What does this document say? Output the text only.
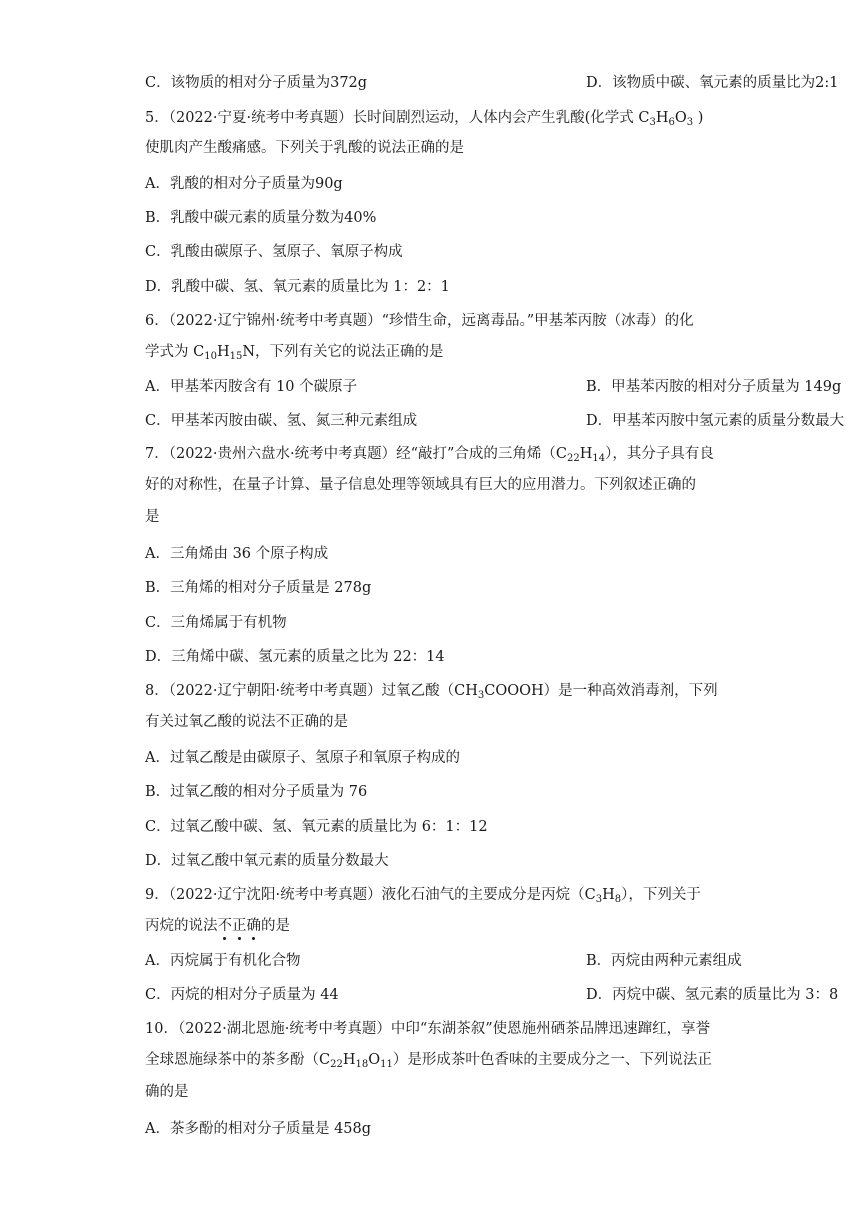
C．该物质的相对分子质量为372g	D．该物质中碳、氧元素的质量比为2:1
5．（2022·宁夏·统考中考真题）长时间剧烈运动，人体内会产生乳酸(化学式 $C_3H_6O_3$ )
使肌肉产生酸痛感。下列关于乳酸的说法正确的是
A．乳酸的相对分子质量为90g
B．乳酸中碳元素的质量分数为40%
C．乳酸由碳原子、氢原子、氧原子构成
D．乳酸中碳、氢、氧元素的质量比为 1：2：1
6．（2022·辽宁锦州·统考中考真题）“珍惜生命，远离毒品。”甲基苯丙胺（冰毒）的化
学式为 $C_{10}H_{15}N$，下列有关它的说法正确的是
A．甲基苯丙胺含有 10 个碳原子	B．甲基苯丙胺的相对分子质量为 149g
C．甲基苯丙胺由碳、氢、氮三种元素组成	D．甲基苯丙胺中氢元素的质量分数最大
7．（2022·贵州六盘水·统考中考真题）经“敲打”合成的三角烯$(C_{22}H_{14})$，其分子具有良
好的对称性，在量子计算、量子信息处理等领域具有巨大的应用潜力。下列叙述正确的
是
A．三角烯由 36 个原子构成
B．三角烯的相对分子质量是 278g
C．三角烯属于有机物
D．三角烯中碳、氢元素的质量之比为 22：14
8．（2022·辽宁朝阳·统考中考真题）过氧乙酸$(CH_3COOOH)$是一种高效消毒剂，下列
有关过氧乙酸的说法不正确的是
A．过氧乙酸是由碳原子、氢原子和氧原子构成的
B．过氧乙酸的相对分子质量为 76
C．过氧乙酸中碳、氢、氧元素的质量比为 6：1：12
D．过氧乙酸中氧元素的质量分数最大
9．（2022·辽宁沈阳·统考中考真题）液化石油气的主要成分是丙烷$(C_3H_8)$，下列关于
丙烷的说法不正确的是
A．丙烷属于有机化合物	B．丙烷由两种元素组成
C．丙烷的相对分子质量为 44	D．丙烷中碳、氢元素的质量比为 3：8
10．（2022·湖北恩施·统考中考真题）中印“东湖茶叙”使恩施州硒茶品牌迅速蹿红，享誉
全球恩施绿茶中的茶多酚$(C_{22}H_{18}O_{11})$是形成茶叶色香味的主要成分之一、下列说法正
确的是
A．茶多酚的相对分子质量是 458g
